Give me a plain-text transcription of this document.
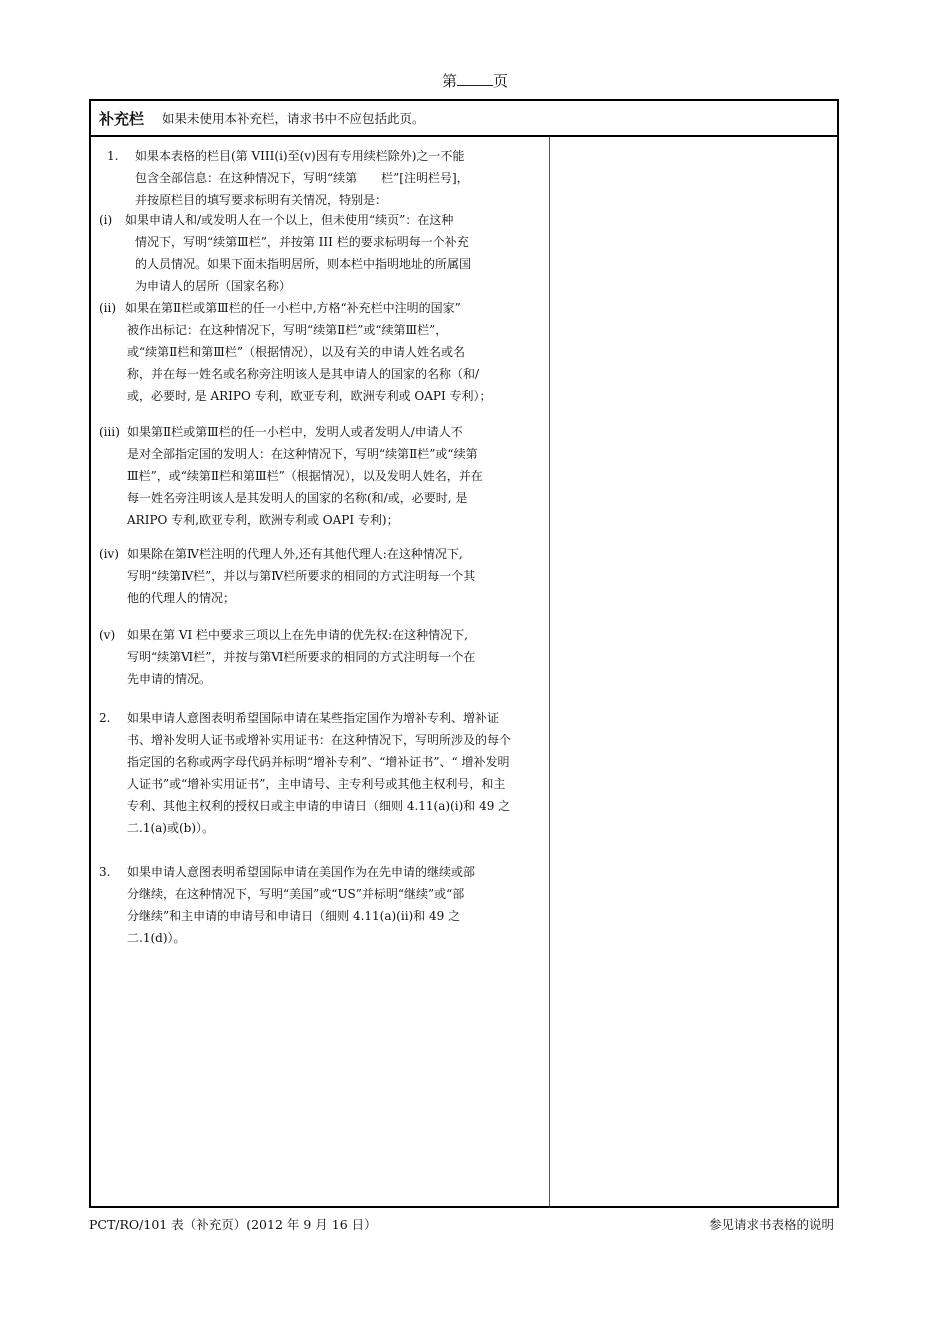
第 页
补充栏 如果未使用本补充栏，请求书中不应包括此页。
1. 如果本表格的栏目(第 VIII(i)至(v)因有专用续栏除外)之一不能
包含全部信息：在这种情况下，写明“续第　　栏”[注明栏号]，
并按原栏目的填写要求标明有关情况，特别是：
(ⅰ) 如果申请人和/或发明人在一个以上，但未使用“续页”：在这种
情况下，写明“续第Ⅲ栏”，并按第 III 栏的要求标明每一个补充
的人员情况。如果下面未指明居所，则本栏中指明地址的所属国
为申请人的居所（国家名称）
(ⅱ) 如果在第Ⅱ栏或第Ⅲ栏的任一小栏中,方格“补充栏中注明的国家”
被作出标记：在这种情况下，写明“续第Ⅱ栏”或“续第Ⅲ栏”，
或“续第Ⅱ栏和第Ⅲ栏”（根据情况），以及有关的申请人姓名或名
称，并在每一姓名或名称旁注明该人是其申请人的国家的名称（和/
或，必要时, 是 ARIPO 专利，欧亚专利，欧洲专利或 OAPI 专利）；
(ⅲ) 如果第Ⅱ栏或第Ⅲ栏的任一小栏中，发明人或者发明人/申请人不
是对全部指定国的发明人：在这种情况下，写明“续第Ⅱ栏”或“续第
Ⅲ栏”，或“续第Ⅱ栏和第Ⅲ栏”（根据情况），以及发明人姓名，并在
每一姓名旁注明该人是其发明人的国家的名称(和/或，必要时, 是
ARIPO 专利,欧亚专利，欧洲专利或 OAPI 专利)；
(ⅳ) 如果除在第Ⅳ栏注明的代理人外,还有其他代理人:在这种情况下,
写明“续第Ⅳ栏”，并以与第Ⅳ栏所要求的相同的方式注明每一个其
他的代理人的情况；
(ⅴ) 如果在第 VI 栏中要求三项以上在先申请的优先权:在这种情况下,
写明“续第Ⅵ栏”，并按与第Ⅵ栏所要求的相同的方式注明每一个在
先申请的情况。
2. 如果申请人意图表明希望国际申请在某些指定国作为增补专利、增补证
书、增补发明人证书或增补实用证书：在这种情况下，写明所涉及的每个
指定国的名称或两字母代码并标明“增补专利”、“增补证书”、“ 增补发明
人证书”或“增补实用证书”，主申请号、主专利号或其他主权利号，和主
专利、其他主权利的授权日或主申请的申请日（细则 4.11(a)(i)和 49 之
二.1(a)或(b)）。
3. 如果申请人意图表明希望国际申请在美国作为在先申请的继续或部
分继续，在这种情况下，写明“美国”或“US”并标明“继续”或“部
分继续”和主申请的申请号和申请日（细则 4.11(a)(ii)和 49 之
二.1(d)）。
PCT/RO/101 表（补充页）(2012 年 9 月 16 日）	参见请求书表格的说明
